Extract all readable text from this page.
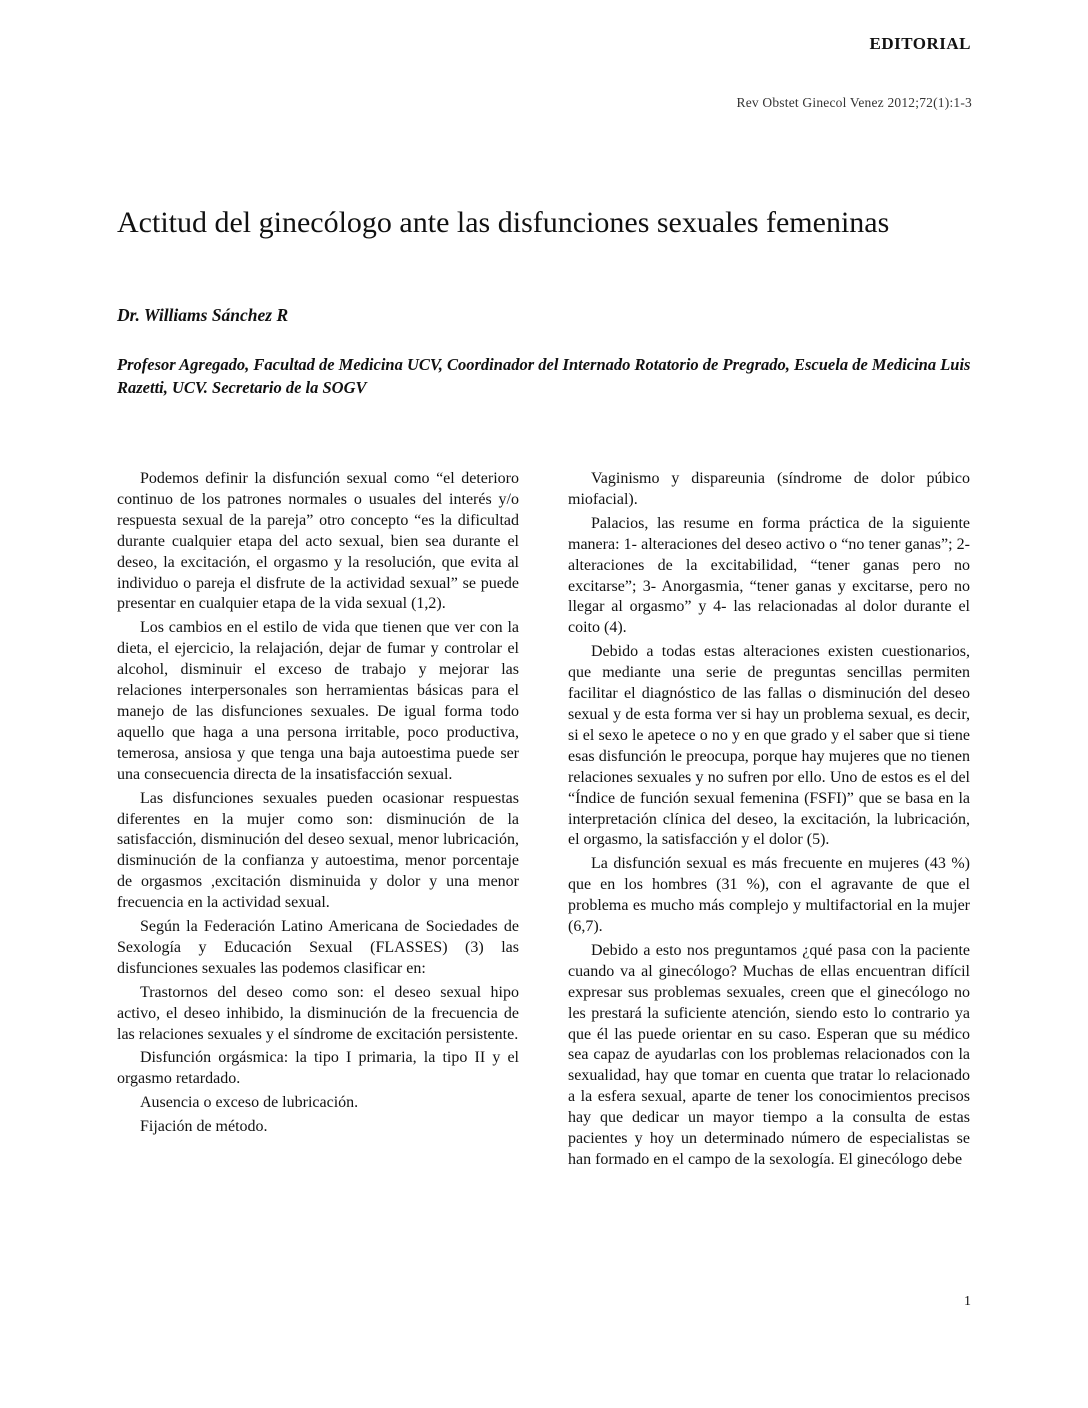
EDITORIAL
Rev Obstet Ginecol Venez 2012;72(1):1-3
Actitud del ginecólogo ante las disfunciones sexuales femeninas
Dr. Williams Sánchez R
Profesor Agregado, Facultad de Medicina UCV, Coordinador del Internado Rotatorio de Pregrado, Escuela de Medicina Luis Razetti, UCV. Secretario de la SOGV

Podemos definir la disfunción sexual como “el deterioro continuo de los patrones normales o usuales del interés y/o respuesta sexual de la pareja” otro concepto “es la dificultad durante cualquier etapa del acto sexual, bien sea durante el deseo, la excitación, el orgasmo y la resolución, que evita al individuo o pareja el disfrute de la actividad sexual” se puede presentar en cualquier etapa de la vida sexual (1,2).

Los cambios en el estilo de vida que tienen que ver con la dieta, el ejercicio, la relajación, dejar de fumar y controlar el alcohol, disminuir el exceso de trabajo y mejorar las relaciones interpersonales son herramientas básicas para el manejo de las disfunciones sexuales. De igual forma todo aquello que haga a una persona irritable, poco productiva, temerosa, ansiosa y que tenga una baja autoestima puede ser una consecuencia directa de la insatisfacción sexual.

Las disfunciones sexuales pueden ocasionar respuestas diferentes en la mujer como son: disminución de la satisfacción, disminución del deseo sexual, menor lubricación, disminución de la confianza y autoestima, menor porcentaje de orgasmos ,excitación disminuida y dolor y una menor frecuencia en la actividad sexual.

Según la Federación Latino Americana de Sociedades de Sexología y Educación Sexual (FLASSES) (3) las disfunciones sexuales las podemos clasificar en:

Trastornos del deseo como son: el deseo sexual hipo activo, el deseo inhibido, la disminución de la frecuencia de las relaciones sexuales y el síndrome de excitación persistente.

Disfunción orgásmica: la tipo I primaria, la tipo II y el orgasmo retardado.

Ausencia o exceso de lubricación.

Fijación de método.

Vaginismo y dispareunia (síndrome de dolor púbico miofacial).

Palacios, las resume en forma práctica de la siguiente manera: 1- alteraciones del deseo activo o “no tener ganas”; 2- alteraciones de la excitabilidad, “tener ganas pero no excitarse”; 3- Anorgasmia, “tener ganas y excitarse, pero no llegar al orgasmo” y 4- las relacionadas al dolor durante el coito (4).

Debido a todas estas alteraciones existen cuestionarios, que mediante una serie de preguntas sencillas permiten facilitar el diagnóstico de las fallas o disminución del deseo sexual y de esta forma ver si hay un problema sexual, es decir, si el sexo le apetece o no y en que grado y el saber que si tiene esas disfunción le preocupa, porque hay mujeres que no tienen relaciones sexuales y no sufren por ello. Uno de estos es el del “Índice de función sexual femenina (FSFI)” que se basa en la interpretación clínica del deseo, la excitación, la lubricación, el orgasmo, la satisfacción y el dolor (5).

La disfunción sexual es más frecuente en mujeres (43 %) que en los hombres (31 %), con el agravante de que el problema es mucho más complejo y multifactorial en la mujer (6,7).

Debido a esto nos preguntamos ¿qué pasa con la paciente cuando va al ginecólogo? Muchas de ellas encuentran difícil expresar sus problemas sexuales, creen que el ginecólogo no les prestará la suficiente atención, siendo esto lo contrario ya que él las puede orientar en su caso. Esperan que su médico sea capaz de ayudarlas con los problemas relacionados con la sexualidad, hay que tomar en cuenta que tratar lo relacionado a la esfera sexual, aparte de tener los conocimientos precisos hay que dedicar un mayor tiempo a la consulta de estas pacientes y hoy un determinado número de especialistas se han formado en el campo de la sexología. El ginecólogo debe

1
